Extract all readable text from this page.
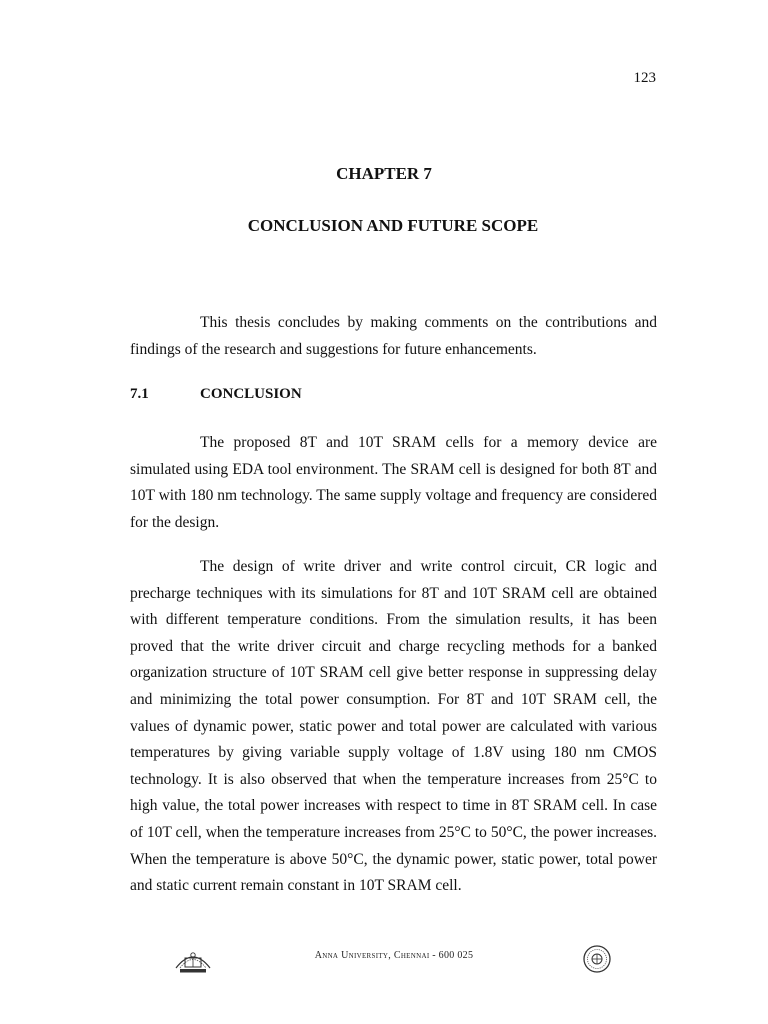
123
CHAPTER 7
CONCLUSION AND FUTURE SCOPE

This thesis concludes by making comments on the contributions and findings of the research and suggestions for future enhancements.

7.1	CONCLUSION

The proposed 8T and 10T SRAM cells for a memory device are simulated using EDA tool environment. The SRAM cell is designed for both 8T and 10T with 180 nm technology. The same supply voltage and frequency are considered for the design.

The design of write driver and write control circuit, CR logic and precharge techniques with its simulations for 8T and 10T SRAM cell are obtained with different temperature conditions. From the simulation results, it has been proved that the write driver circuit and charge recycling methods for a banked organization structure of 10T SRAM cell give better response in suppressing delay and minimizing the total power consumption. For 8T and 10T SRAM cell, the values of dynamic power, static power and total power are calculated with various temperatures by giving variable supply voltage of 1.8V using 180 nm CMOS technology. It is also observed that when the temperature increases from 25°C to high value, the total power increases with respect to time in 8T SRAM cell. In case of 10T cell, when the temperature increases from 25°C to 50°C, the power increases. When the temperature is above 50°C, the dynamic power, static power, total power and static current remain constant in 10T SRAM cell.

Anna University, Chennai - 600 025
